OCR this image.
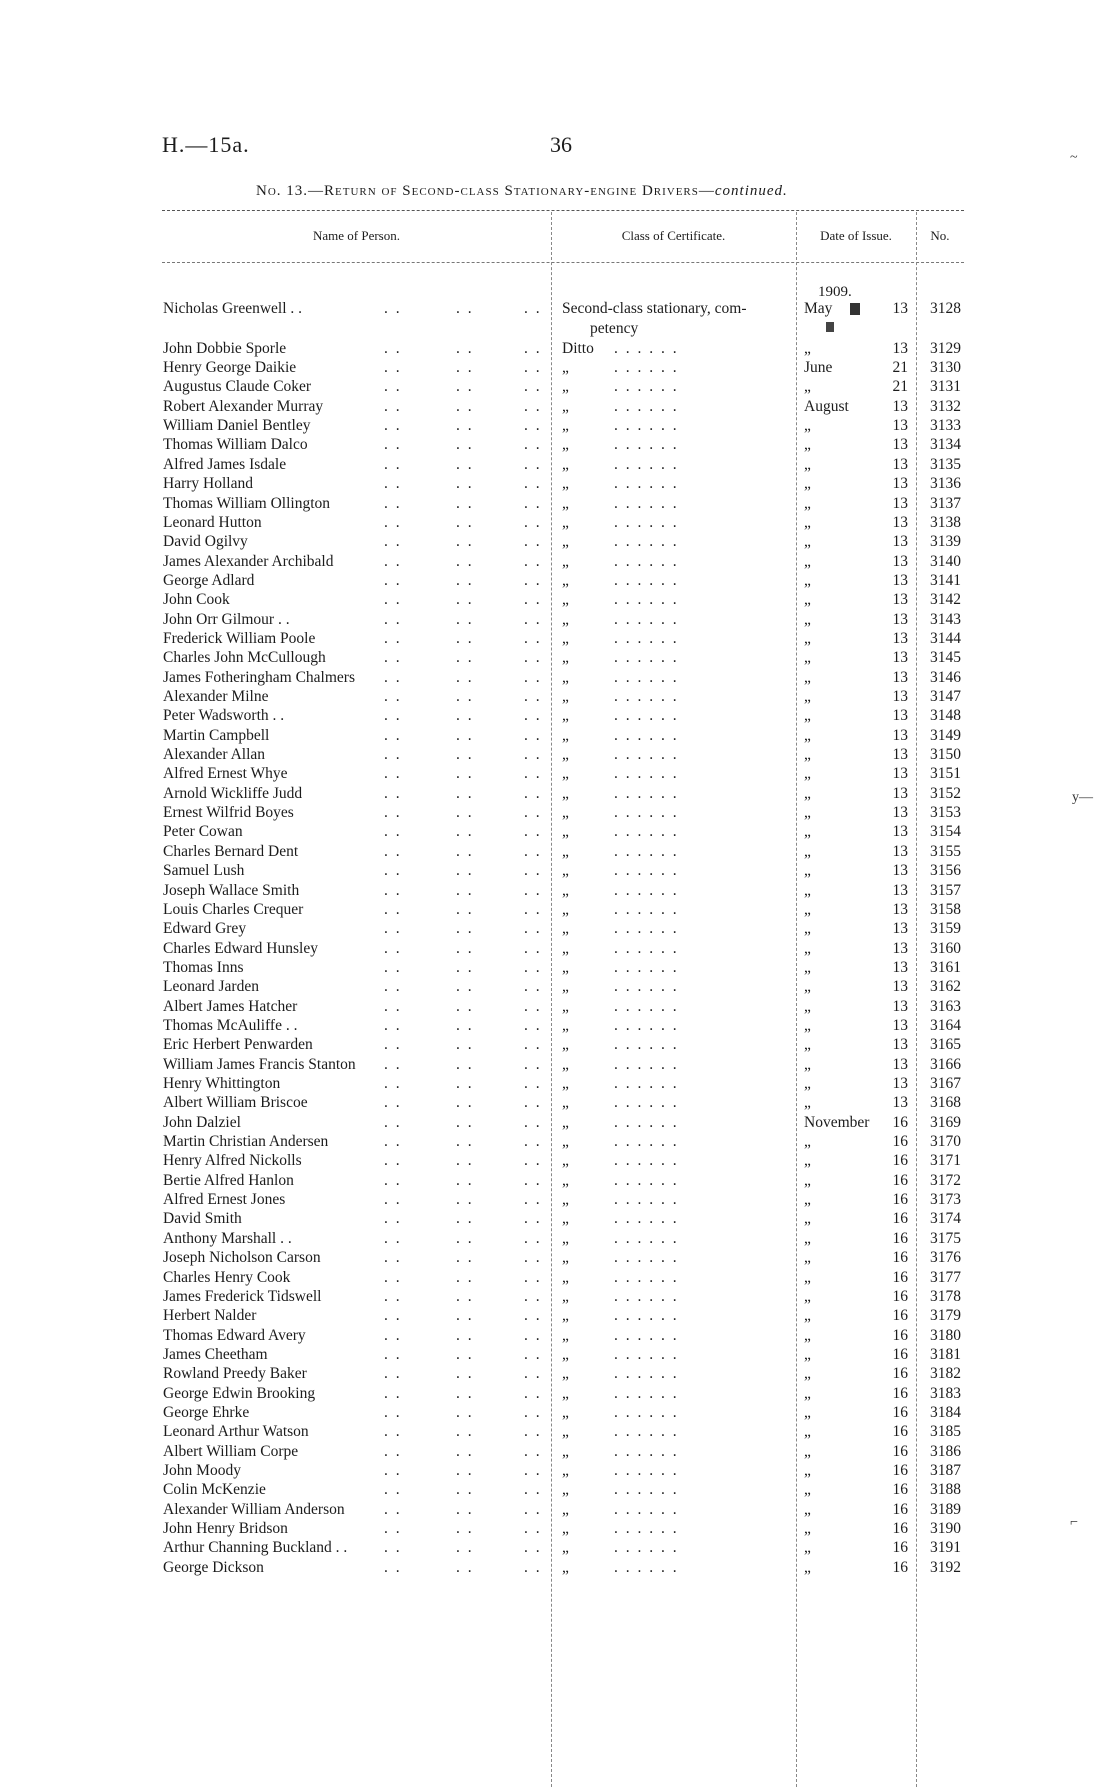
H.—15a.	36
No. 13.—Return of Second-class Stationary-engine Drivers—continued.
Name of Person.	Class of Certificate.	Date of Issue.	No.
1909.
Nicholas Greenwell . .	. .	. .	. . Second-class stationary, com-
petency
May	13 3128
John Dobbie Sporle	. .	. .	. . Ditto . . . . . .	„	13 3129
Henry George Daikie	. .	. .	. . „	. . . . . .	June	21 3130
Augustus Claude Coker	. .	. .	. . „	. . . . . .	„	21 3131
Robert Alexander Murray	. .	. .	. . „	. . . . . .	August	13 3132
William Daniel Bentley	. .	. .	. . „	. . . . . .	„	13 3133
Thomas William Dalco	. .	. .	. . „	. . . . . .	„	13 3134
Alfred James Isdale	. .	. .	. . „	. . . . . .	„	13 3135
Harry Holland	. .	. .	. . „	. . . . . .	„	13 3136
Thomas William Ollington	. .	. .	. . „	. . . . . .	„	13 3137
Leonard Hutton	. .	. .	. . „	. . . . . .	„	13 3138
David Ogilvy	. .	. .	. . „	. . . . . .	„	13 3139
James Alexander Archibald	. .	. .	. . „	. . . . . .	„	13 3140
George Adlard	. .	. .	. . „	. . . . . .	„	13 3141
John Cook	. .	. .	. . „	. . . . . .	„	13 3142
John Orr Gilmour . .	. .	. .	. . „	. . . . . .	„	13 3143
Frederick William Poole	. .	. .	. . „	. . . . . .	„	13 3144
Charles John McCullough	. .	. .	. . „	. . . . . .	„	13 3145
James Fotheringham Chalmers . .	. .	. . „	. . . . . .	„	13 3146
Alexander Milne	. .	. .	. . „	. . . . . .	„	13 3147
Peter Wadsworth . .	. .	. .	. . „	. . . . . .	„	13 3148
Martin Campbell	. .	. .	. . „	. . . . . .	„	13 3149
Alexander Allan	. .	. .	. . „	. . . . . .	„	13 3150
Alfred Ernest Whye	. .	. .	. . „	. . . . . .	„	13 3151
Arnold Wickliffe Judd	. .	. .	. . „	. . . . . .	„	13 3152
Ernest Wilfrid Boyes	. .	. .	. . „	. . . . . .	„	13 3153
Peter Cowan	. .	. .	. . „	. . . . . .	„	13 3154
Charles Bernard Dent	. .	. .	. . „	. . . . . .	„	13 3155
Samuel Lush	. .	. .	. . „	. . . . . .	„	13 3156
Joseph Wallace Smith	. .	. .	. . „	. . . . . .	„	13 3157
Louis Charles Crequer	. .	. .	. . „	. . . . . .	„	13 3158
Edward Grey	. .	. .	. . „	. . . . . .	„	13 3159
Charles Edward Hunsley	. .	. .	. . „	. . . . . .	„	13 3160
Thomas Inns	. .	. .	. . „	. . . . . .	„	13 3161
Leonard Jarden	. .	. .	. . „	. . . . . .	„	13 3162
Albert James Hatcher	. .	. .	. . „	. . . . . .	„	13 3163
Thomas McAuliffe . .	. .	. .	. . „	. . . . . .	„	13 3164
Eric Herbert Penwarden	. .	. .	. . „	. . . . . .	„	13 3165
William James Francis Stanton . .	. .	. . „	. . . . . .	„	13 3166
Henry Whittington	. .	. .	. . „	. . . . . .	„	13 3167
Albert William Briscoe	. .	. .	. . „	. . . . . .	„	13 3168
John Dalziel	. .	. .	. . „	. . . . . .	November	16 3169
Martin Christian Andersen	. .	. .	. . „	. . . . . .	„	16 3170
Henry Alfred Nickolls	. .	. .	. . „	. . . . . .	„	16 3171
Bertie Alfred Hanlon	. .	. .	. . „	. . . . . .	„	16 3172
Alfred Ernest Jones	. .	. .	. . „	. . . . . .	„	16 3173
David Smith	. .	. .	. . „	. . . . . .	„	16 3174
Anthony Marshall . .	. .	. .	. . „	. . . . . .	„	16 3175
Joseph Nicholson Carson	. .	. .	. . „	. . . . . .	„	16 3176
Charles Henry Cook	. .	. .	. . „	. . . . . .	„	16 3177
James Frederick Tidswell	. .	. .	. . „	. . . . . .	„	16 3178
Herbert Nalder	. .	. .	. . „	. . . . . .	„	16 3179
Thomas Edward Avery	. .	. .	. . „	. . . . . .	„	16 3180
James Cheetham	. .	. .	. . „	. . . . . .	„	16 3181
Rowland Preedy Baker	. .	. .	. . „	. . . . . .	„	16 3182
George Edwin Brooking	. .	. .	. . „	. . . . . .	„	16 3183
George Ehrke	. .	. .	. . „	. . . . . .	„	16 3184
Leonard Arthur Watson	. .	. .	. . „	. . . . . .	„	16 3185
Albert William Corpe	. .	. .	. . „	. . . . . .	„	16 3186
John Moody	. .	. .	. . „	. . . . . .	„	16 3187
Colin McKenzie	. .	. .	. . „	. . . . . .	„	16 3188
Alexander William Anderson	. .	. .	. . „	. . . . . .	„	16 3189
John Henry Bridson	. .	. .	. . „	. . . . . .	„	16 3190
Arthur Channing Buckland . . . .	. .	. . „	. . . . . .	„	16 3191
George Dickson	. .	. .	. . „	. . . . . .	„	16 3192
~
y—
⌐
